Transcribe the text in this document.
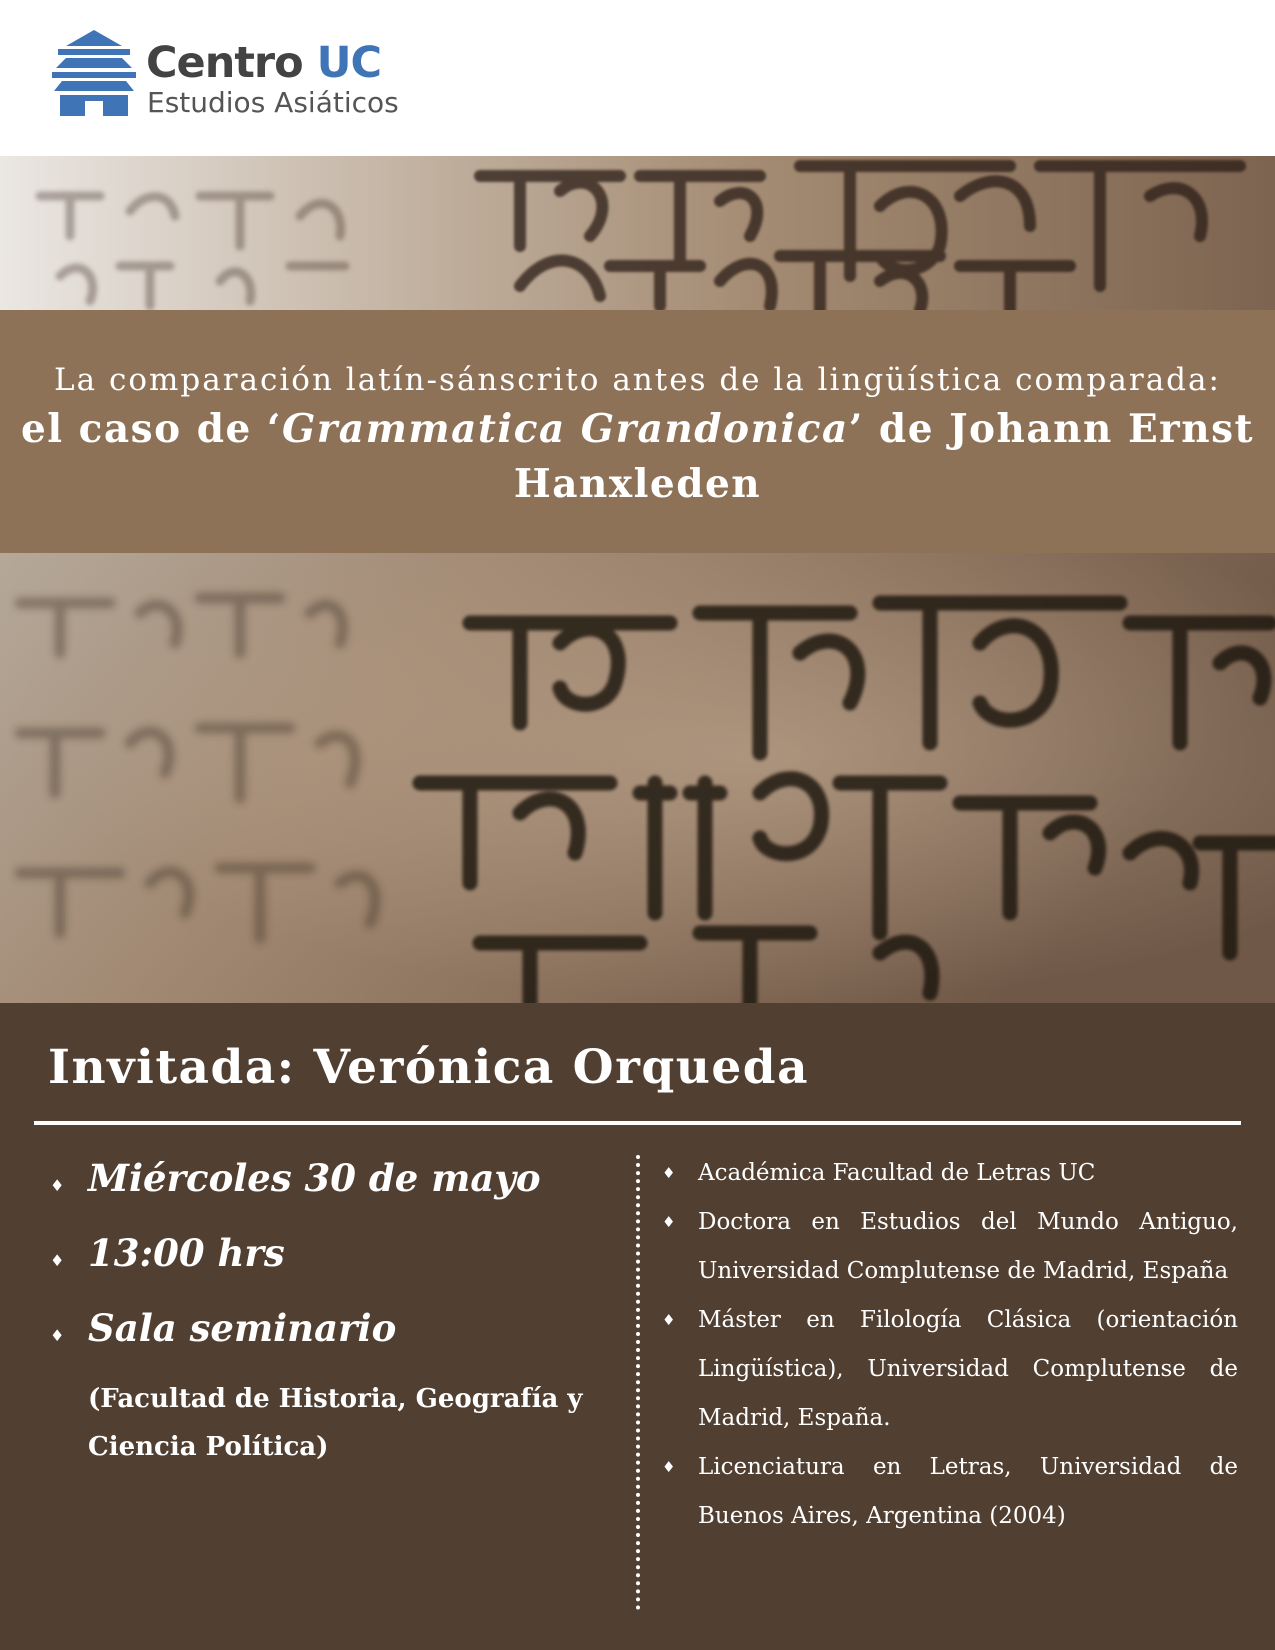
Centro UC
Estudios Asiáticos
La comparación latín-sánscrito antes de la lingüística comparada:
el caso de ‘Grammatica Grandonica’ de Johann Ernst Hanxleden
Invitada: Verónica Orqueda
♦ Miércoles 30 de mayo
♦ 13:00 hrs
♦ Sala seminario
(Facultad de Historia, Geografía y Ciencia Política)
♦ Académica Facultad de Letras UC
♦ Doctora en Estudios del Mundo Antiguo, Universidad Complutense de Madrid, España
♦ Máster en Filología Clásica (orientación Lingüística), Universidad Complutense de Madrid, España.
♦ Licenciatura en Letras, Universidad de Buenos Aires, Argentina (2004)
